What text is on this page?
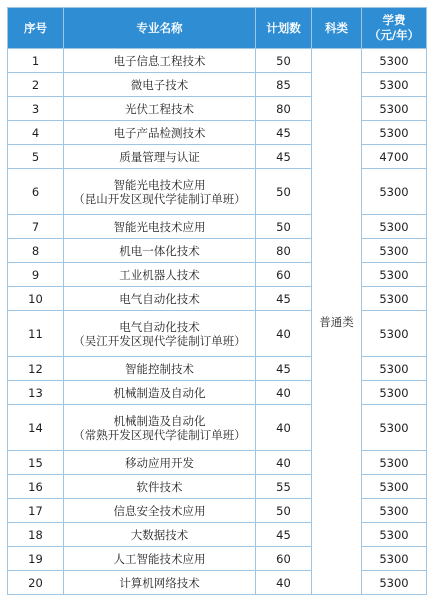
序号	专业名称	计划数	科类	学费
（元/年）

1	电子信息工程技术	50	普通类	5300
2	微电子技术	85		5300
3	光伏工程技术	80		5300
4	电子产品检测技术	45		5300
5	质量管理与认证	45		4700
6	智能光电技术应用
（昆山开发区现代学徒制订单班）	50		5300
7	智能光电技术应用	50		5300
8	机电一体化技术	80		5300
9	工业机器人技术	60		5300
10	电气自动化技术	45		5300
11	电气自动化技术
（吴江开发区现代学徒制订单班）	40		5300
12	智能控制技术	45		5300
13	机械制造及自动化	40		5300
14	机械制造及自动化
（常熟开发区现代学徒制订单班）	40		5300
15	移动应用开发	40		5300
16	软件技术	55		5300
17	信息安全技术应用	50		5300
18	大数据技术	45		5300
19	人工智能技术应用	60		5300
20	计算机网络技术	40		5300
